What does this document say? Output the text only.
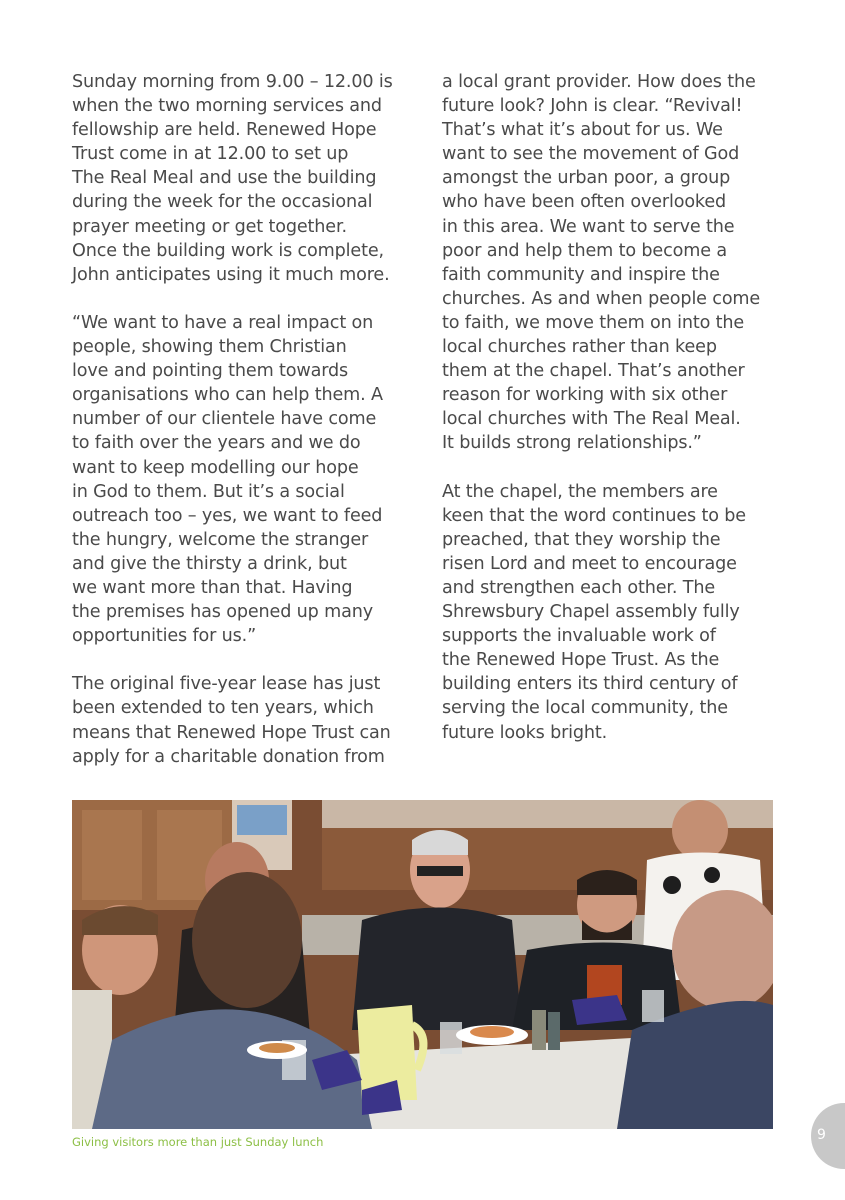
Sunday morning from 9.00 – 12.00 is
when the two morning services and
fellowship are held. Renewed Hope
Trust come in at 12.00 to set up
The Real Meal and use the building
during the week for the occasional
prayer meeting or get together.
Once the building work is complete,
John anticipates using it much more.

“We want to have a real impact on
people, showing them Christian
love and pointing them towards
organisations who can help them. A
number of our clientele have come
to faith over the years and we do
want to keep modelling our hope
in God to them. But it’s a social
outreach too – yes, we want to feed
the hungry, welcome the stranger
and give the thirsty a drink, but
we want more than that. Having
the premises has opened up many
opportunities for us.”

The original five-year lease has just
been extended to ten years, which
means that Renewed Hope Trust can
apply for a charitable donation from

a local grant provider. How does the
future look? John is clear. “Revival!
That’s what it’s about for us. We
want to see the movement of God
amongst the urban poor, a group
who have been often overlooked
in this area. We want to serve the
poor and help them to become a
faith community and inspire the
churches. As and when people come
to faith, we move them on into the
local churches rather than keep
them at the chapel. That’s another
reason for working with six other
local churches with The Real Meal.
It builds strong relationships.”

At the chapel, the members are
keen that the word continues to be
preached, that they worship the
risen Lord and meet to encourage
and strengthen each other. The
Shrewsbury Chapel assembly fully
supports the invaluable work of
the Renewed Hope Trust. As the
building enters its third century of
serving the local community, the
future looks bright.

Giving visitors more than just Sunday lunch	9
